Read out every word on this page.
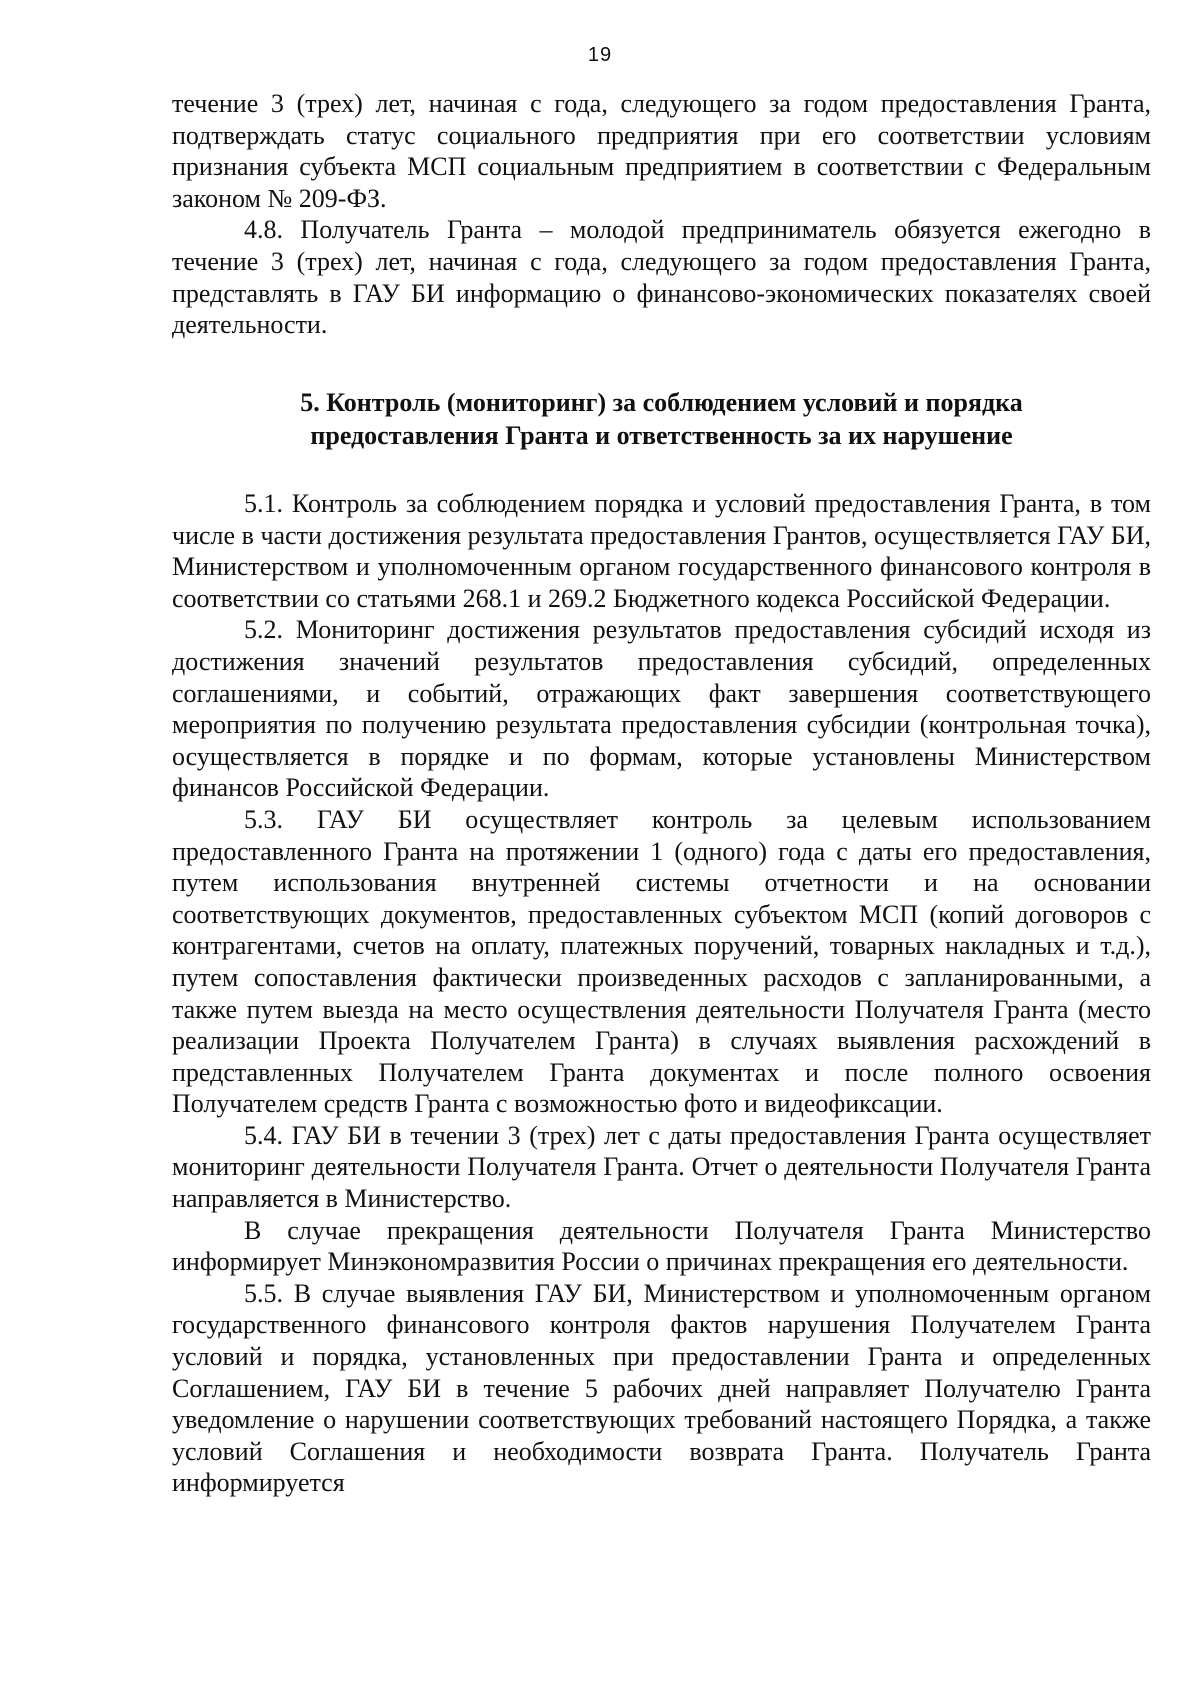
19

течение 3 (трех) лет, начиная с года, следующего за годом предоставления Гранта, подтверждать статус социального предприятия при его соответствии условиям признания субъекта МСП социальным предприятием в соответствии с Федеральным законом № 209-ФЗ.

4.8. Получатель Гранта – молодой предприниматель обязуется ежегодно в течение 3 (трех) лет, начиная с года, следующего за годом предоставления Гранта, представлять в ГАУ БИ информацию о финансово-экономических показателях своей деятельности.

5. Контроль (мониторинг) за соблюдением условий и порядка
предоставления Гранта и ответственность за их нарушение

5.1. Контроль за соблюдением порядка и условий предоставления Гранта, в том числе в части достижения результата предоставления Грантов, осуществляется ГАУ БИ, Министерством и уполномоченным органом государственного финансового контроля в соответствии со статьями 268.1 и 269.2 Бюджетного кодекса Российской Федерации.

5.2. Мониторинг достижения результатов предоставления субсидий исходя из достижения значений результатов предоставления субсидий, определенных соглашениями, и событий, отражающих факт завершения соответствующего мероприятия по получению результата предоставления субсидии (контрольная точка), осуществляется в порядке и по формам, которые установлены Министерством финансов Российской Федерации.

5.3. ГАУ БИ осуществляет контроль за целевым использованием предоставленного Гранта на протяжении 1 (одного) года с даты его предоставления, путем использования внутренней системы отчетности и на основании соответствующих документов, предоставленных субъектом МСП (копий договоров с контрагентами, счетов на оплату, платежных поручений, товарных накладных и т.д.), путем сопоставления фактически произведенных расходов с запланированными, а также путем выезда на место осуществления деятельности Получателя Гранта (место реализации Проекта Получателем Гранта) в случаях выявления расхождений в представленных Получателем Гранта документах и после полного освоения Получателем средств Гранта с возможностью фото и видеофиксации.

5.4. ГАУ БИ в течении 3 (трех) лет с даты предоставления Гранта осуществляет мониторинг деятельности Получателя Гранта. Отчет о деятельности Получателя Гранта направляется в Министерство.

В случае прекращения деятельности Получателя Гранта Министерство информирует Минэкономразвития России о причинах прекращения его деятельности.

5.5. В случае выявления ГАУ БИ, Министерством и уполномоченным органом государственного финансового контроля фактов нарушения Получателем Гранта условий и порядка, установленных при предоставлении Гранта и определенных Соглашением, ГАУ БИ в течение 5 рабочих дней направляет Получателю Гранта уведомление о нарушении соответствующих требований настоящего Порядка, а также условий Соглашения и необходимости возврата Гранта. Получатель Гранта информируется
